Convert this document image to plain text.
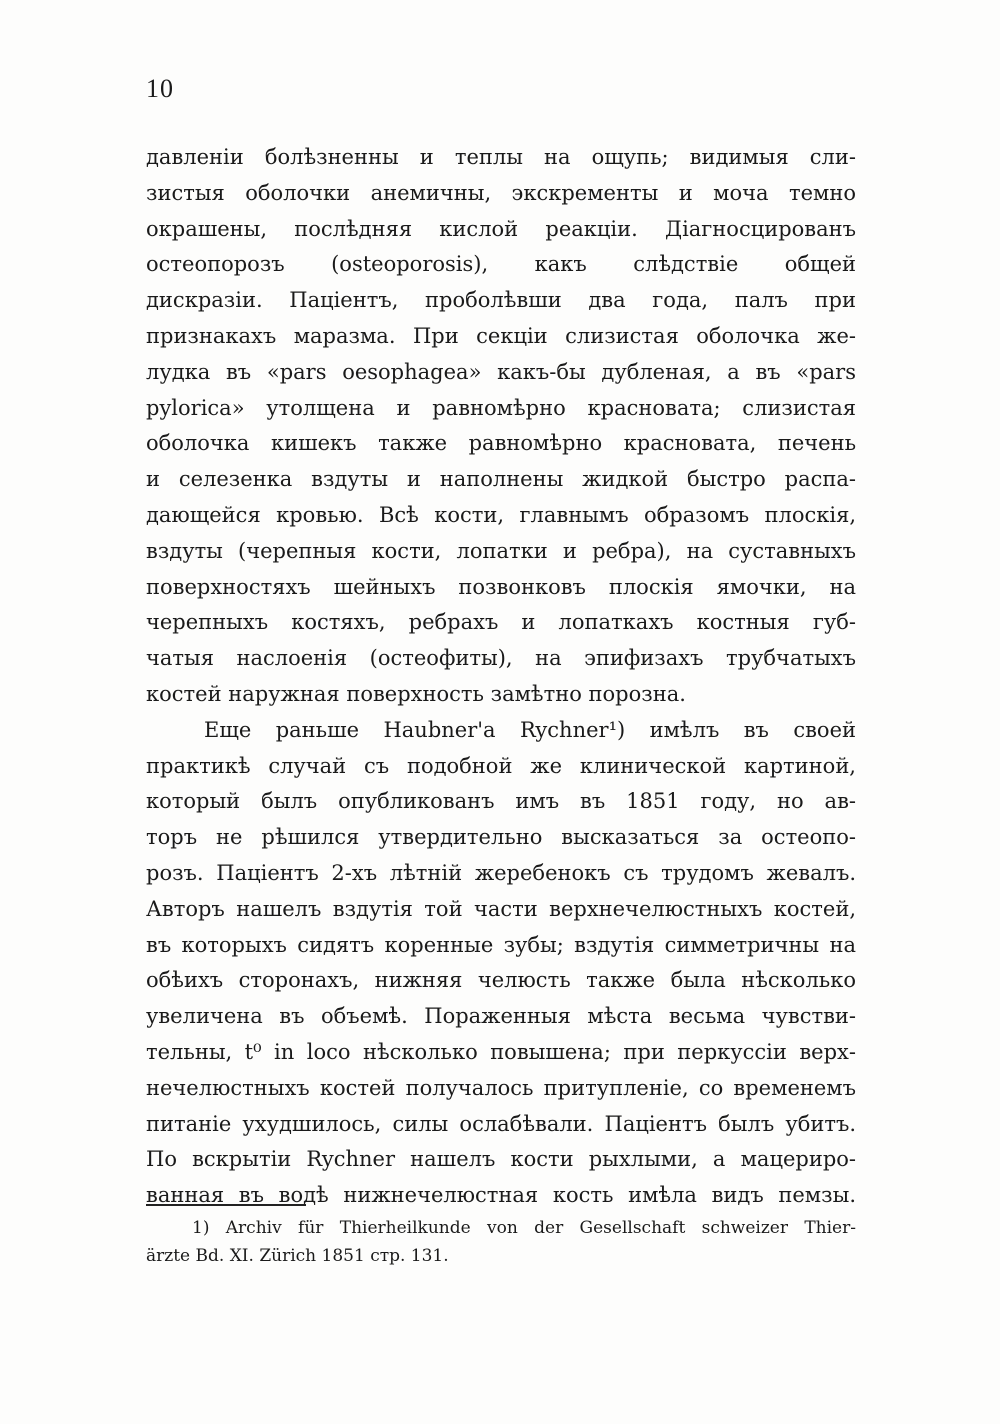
10
давленіи болѣзненны и теплы на ощупь; видимыя сли-
зистыя оболочки анемичны, экскременты и моча темно
окрашены, послѣдняя кислой реакціи. Діагносцированъ
остеопорозъ (osteoporosis), какъ слѣдствіе общей
дискразіи. Паціентъ, проболѣвши два года, палъ при
признакахъ маразма. При секціи слизистая оболочка же-
лудка въ «pars oesophagea» какъ-бы дубленая, а въ «pars
pylorica» утолщена и равномѣрно красновата; слизистая
оболочка кишекъ также равномѣрно красновата, печень
и селезенка вздуты и наполнены жидкой быстро распа-
дающейся кровью. Всѣ кости, главнымъ образомъ плоскія,
вздуты (черепныя кости, лопатки и ребра), на суставныхъ
поверхностяхъ шейныхъ позвонковъ плоскія ямочки, на
черепныхъ костяхъ, ребрахъ и лопаткахъ костныя губ-
чатыя наслоенія (остеофиты), на эпифизахъ трубчатыхъ
костей наружная поверхность замѣтно порозна.
Еще раньше Haubner'a Rychner¹) имѣлъ въ своей
практикѣ случай съ подобной же клинической картиной,
который былъ опубликованъ имъ въ 1851 году, но ав-
торъ не рѣшился утвердительно высказаться за остеопо-
розъ. Паціентъ 2-хъ лѣтній жеребенокъ съ трудомъ жевалъ.
Авторъ нашелъ вздутія той части верхнечелюстныхъ костей,
въ которыхъ сидятъ коренные зубы; вздутія симметричны на
обѣихъ сторонахъ, нижняя челюсть также была нѣсколько
увеличена въ объемѣ. Пораженныя мѣста весьма чувстви-
тельны, t⁰ in loco нѣсколько повышена; при перкуссіи верх-
нечелюстныхъ костей получалось притупленіе, со временемъ
питаніе ухудшилось, силы ослабѣвали. Паціентъ былъ убитъ.
По вскрытіи Rychner нашелъ кости рыхлыми, а мацериро-
ванная въ водѣ нижнечелюстная кость имѣла видъ пемзы.
1) Archiv für Thierheilkunde von der Gesellschaft schweizer Thier-
ärzte Bd. XI. Zürich 1851 стр. 131.
